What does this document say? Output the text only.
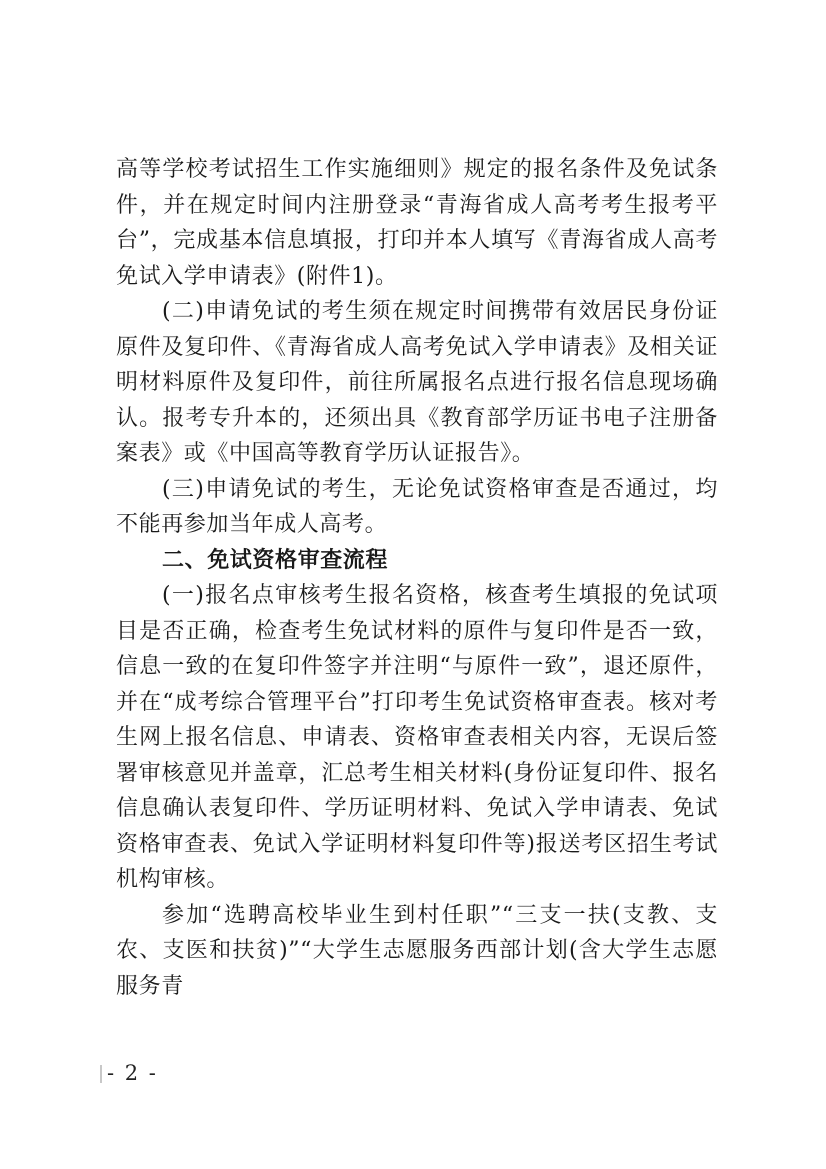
高等学校考试招生工作实施细则》规定的报名条件及免试条件，并在规定时间内注册登录“青海省成人高考考生报考平台”，完成基本信息填报，打印并本人填写《青海省成人高考免试入学申请表》(附件1)。

(二)申请免试的考生须在规定时间携带有效居民身份证原件及复印件、《青海省成人高考免试入学申请表》及相关证明材料原件及复印件，前往所属报名点进行报名信息现场确认。报考专升本的，还须出具《教育部学历证书电子注册备案表》或《中国高等教育学历认证报告》。

(三)申请免试的考生，无论免试资格审查是否通过，均不能再参加当年成人高考。

二、免试资格审查流程

(一)报名点审核考生报名资格，核查考生填报的免试项目是否正确，检查考生免试材料的原件与复印件是否一致，信息一致的在复印件签字并注明“与原件一致”，退还原件，并在“成考综合管理平台”打印考生免试资格审查表。核对考生网上报名信息、申请表、资格审查表相关内容，无误后签署审核意见并盖章，汇总考生相关材料(身份证复印件、报名信息确认表复印件、学历证明材料、免试入学申请表、免试资格审查表、免试入学证明材料复印件等)报送考区招生考试机构审核。

参加“选聘高校毕业生到村任职”“三支一扶(支教、支农、支医和扶贫)”“大学生志愿服务西部计划(含大学生志愿服务青

- 2 -
